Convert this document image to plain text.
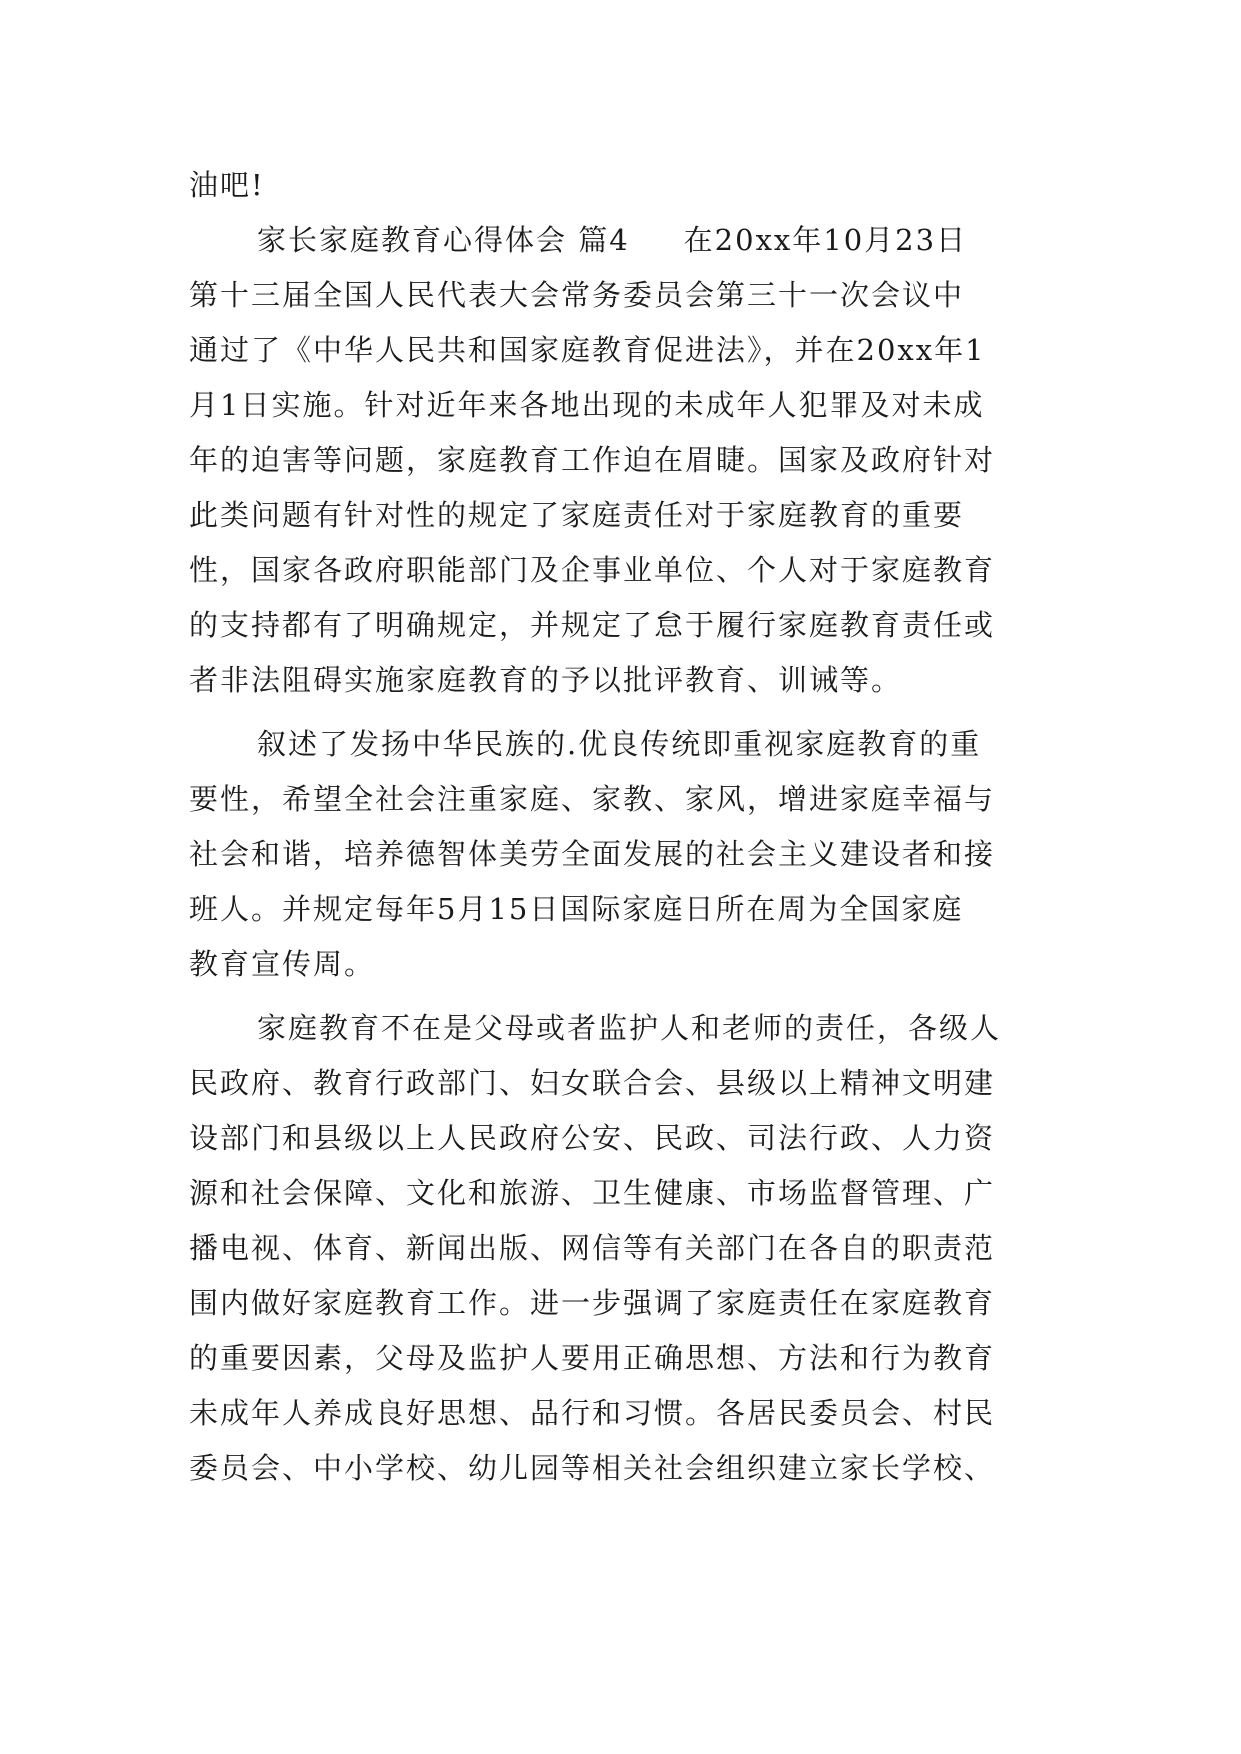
油吧!
家长家庭教育心得体会 篇4 在20xx年10月23日
第十三届全国人民代表大会常务委员会第三十一次会议中
通过了《中华人民共和国家庭教育促进法》，并在20xx年1
月1日实施。针对近年来各地出现的未成年人犯罪及对未成
年的迫害等问题，家庭教育工作迫在眉睫。国家及政府针对
此类问题有针对性的规定了家庭责任对于家庭教育的重要
性，国家各政府职能部门及企事业单位、个人对于家庭教育
的支持都有了明确规定，并规定了怠于履行家庭教育责任或
者非法阻碍实施家庭教育的予以批评教育、训诫等。
叙述了发扬中华民族的.优良传统即重视家庭教育的重
要性，希望全社会注重家庭、家教、家风，增进家庭幸福与
社会和谐，培养德智体美劳全面发展的社会主义建设者和接
班人。并规定每年5月15日国际家庭日所在周为全国家庭
教育宣传周。
家庭教育不在是父母或者监护人和老师的责任，各级人
民政府、教育行政部门、妇女联合会、县级以上精神文明建
设部门和县级以上人民政府公安、民政、司法行政、人力资
源和社会保障、文化和旅游、卫生健康、市场监督管理、广
播电视、体育、新闻出版、网信等有关部门在各自的职责范
围内做好家庭教育工作。进一步强调了家庭责任在家庭教育
的重要因素，父母及监护人要用正确思想、方法和行为教育
未成年人养成良好思想、品行和习惯。各居民委员会、村民
委员会、中小学校、幼儿园等相关社会组织建立家长学校、
